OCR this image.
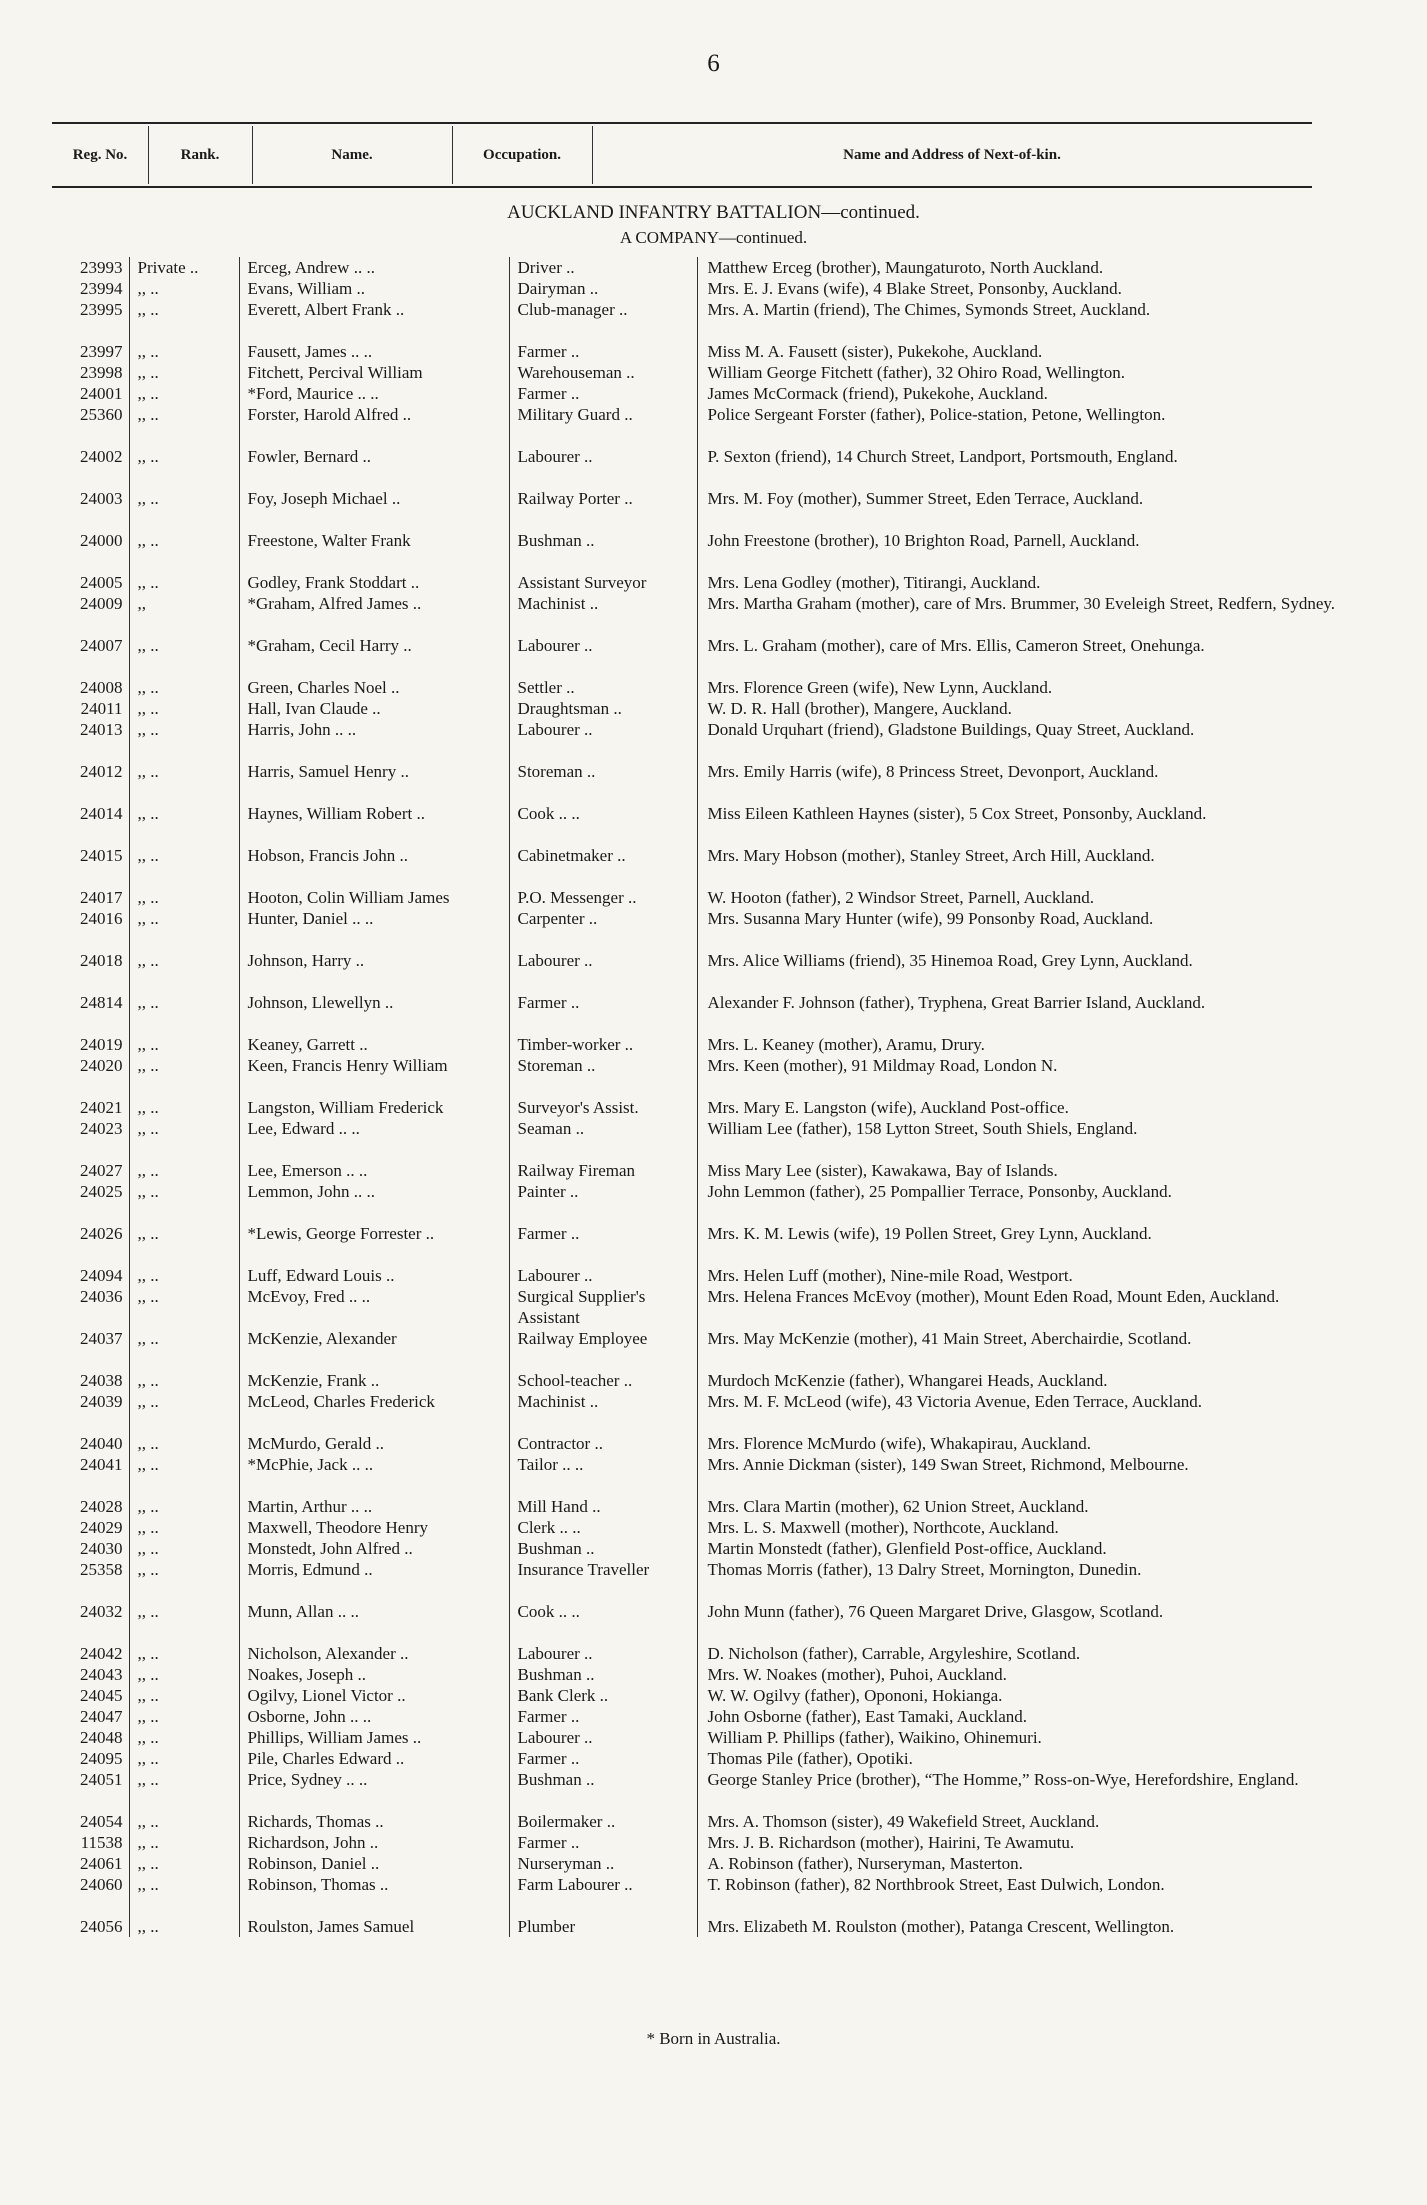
6
Reg. No.	Rank.	Name.	Occupation.	Name and Address of Next-of-kin.
AUCKLAND INFANTRY BATTALION—continued.
A COMPANY—continued.
23993	Private ..	Erceg, Andrew .. ..	Driver ..	Matthew Erceg (brother), Maungaturoto, North Auckland.
23994	,, ..	Evans, William ..	Dairyman ..	Mrs. E. J. Evans (wife), 4 Blake Street, Ponsonby, Auckland.
23995	,, ..	Everett, Albert Frank ..	Club-manager ..	Mrs. A. Martin (friend), The Chimes, Symonds Street, Auckland.
23997	,, ..	Fausett, James .. ..	Farmer ..	Miss M. A. Fausett (sister), Pukekohe, Auckland.
23998	,, ..	Fitchett, Percival William	Warehouseman ..	William George Fitchett (father), 32 Ohiro Road, Wellington.
24001	,, ..	*Ford, Maurice .. ..	Farmer ..	James McCormack (friend), Pukekohe, Auckland.
25360	,, ..	Forster, Harold Alfred ..	Military Guard ..	Police Sergeant Forster (father), Police-station, Petone, Wellington.
24002	,, ..	Fowler, Bernard ..	Labourer ..	P. Sexton (friend), 14 Church Street, Landport, Portsmouth, England.
24003	,, ..	Foy, Joseph Michael ..	Railway Porter ..	Mrs. M. Foy (mother), Summer Street, Eden Terrace, Auckland.
24000	,, ..	Freestone, Walter Frank	Bushman ..	John Freestone (brother), 10 Brighton Road, Parnell, Auckland.
24005	,, ..	Godley, Frank Stoddart ..	Assistant Surveyor	Mrs. Lena Godley (mother), Titirangi, Auckland.
24009	,,	*Graham, Alfred James ..	Machinist ..	Mrs. Martha Graham (mother), care of Mrs. Brummer, 30 Eveleigh Street, Redfern, Sydney.
24007	,, ..	*Graham, Cecil Harry ..	Labourer ..	Mrs. L. Graham (mother), care of Mrs. Ellis, Cameron Street, Onehunga.
24008	,, ..	Green, Charles Noel ..	Settler ..	Mrs. Florence Green (wife), New Lynn, Auckland.
24011	,, ..	Hall, Ivan Claude ..	Draughtsman ..	W. D. R. Hall (brother), Mangere, Auckland.
24013	,, ..	Harris, John .. ..	Labourer ..	Donald Urquhart (friend), Gladstone Buildings, Quay Street, Auckland.
24012	,, ..	Harris, Samuel Henry ..	Storeman ..	Mrs. Emily Harris (wife), 8 Princess Street, Devonport, Auckland.
24014	,, ..	Haynes, William Robert ..	Cook .. ..	Miss Eileen Kathleen Haynes (sister), 5 Cox Street, Ponsonby, Auckland.
24015	,, ..	Hobson, Francis John ..	Cabinetmaker ..	Mrs. Mary Hobson (mother), Stanley Street, Arch Hill, Auckland.
24017	,, ..	Hooton, Colin William James	P.O. Messenger ..	W. Hooton (father), 2 Windsor Street, Parnell, Auckland.
24016	,, ..	Hunter, Daniel .. ..	Carpenter ..	Mrs. Susanna Mary Hunter (wife), 99 Ponsonby Road, Auckland.
24018	,, ..	Johnson, Harry ..	Labourer ..	Mrs. Alice Williams (friend), 35 Hinemoa Road, Grey Lynn, Auckland.
24814	,, ..	Johnson, Llewellyn ..	Farmer ..	Alexander F. Johnson (father), Tryphena, Great Barrier Island, Auckland.
24019	,, ..	Keaney, Garrett ..	Timber-worker ..	Mrs. L. Keaney (mother), Aramu, Drury.
24020	,, ..	Keen, Francis Henry William	Storeman ..	Mrs. Keen (mother), 91 Mildmay Road, London N.
24021	,, ..	Langston, William Frederick	Surveyor's Assist.	Mrs. Mary E. Langston (wife), Auckland Post-office.
24023	,, ..	Lee, Edward .. ..	Seaman ..	William Lee (father), 158 Lytton Street, South Shiels, England.
24027	,, ..	Lee, Emerson .. ..	Railway Fireman	Miss Mary Lee (sister), Kawakawa, Bay of Islands.
24025	,, ..	Lemmon, John .. ..	Painter ..	John Lemmon (father), 25 Pompallier Terrace, Ponsonby, Auckland.
24026	,, ..	*Lewis, George Forrester ..	Farmer ..	Mrs. K. M. Lewis (wife), 19 Pollen Street, Grey Lynn, Auckland.
24094	,, ..	Luff, Edward Louis ..	Labourer ..	Mrs. Helen Luff (mother), Nine-mile Road, Westport.
24036	,, ..	McEvoy, Fred .. ..	Surgical Supplier's Assistant	Mrs. Helena Frances McEvoy (mother), Mount Eden Road, Mount Eden, Auckland.
24037	,, ..	McKenzie, Alexander	Railway Employee	Mrs. May McKenzie (mother), 41 Main Street, Aberchairdie, Scotland.
24038	,, ..	McKenzie, Frank ..	School-teacher ..	Murdoch McKenzie (father), Whangarei Heads, Auckland.
24039	,, ..	McLeod, Charles Frederick	Machinist ..	Mrs. M. F. McLeod (wife), 43 Victoria Avenue, Eden Terrace, Auckland.
24040	,, ..	McMurdo, Gerald ..	Contractor ..	Mrs. Florence McMurdo (wife), Whakapirau, Auckland.
24041	,, ..	*McPhie, Jack .. ..	Tailor .. ..	Mrs. Annie Dickman (sister), 149 Swan Street, Richmond, Melbourne.
24028	,, ..	Martin, Arthur .. ..	Mill Hand ..	Mrs. Clara Martin (mother), 62 Union Street, Auckland.
24029	,, ..	Maxwell, Theodore Henry	Clerk .. ..	Mrs. L. S. Maxwell (mother), Northcote, Auckland.
24030	,, ..	Monstedt, John Alfred ..	Bushman ..	Martin Monstedt (father), Glenfield Post-office, Auckland.
25358	,, ..	Morris, Edmund ..	Insurance Traveller	Thomas Morris (father), 13 Dalry Street, Mornington, Dunedin.
24032	,, ..	Munn, Allan .. ..	Cook .. ..	John Munn (father), 76 Queen Margaret Drive, Glasgow, Scotland.
24042	,, ..	Nicholson, Alexander ..	Labourer ..	D. Nicholson (father), Carrable, Argyleshire, Scotland.
24043	,, ..	Noakes, Joseph ..	Bushman ..	Mrs. W. Noakes (mother), Puhoi, Auckland.
24045	,, ..	Ogilvy, Lionel Victor ..	Bank Clerk ..	W. W. Ogilvy (father), Opononi, Hokianga.
24047	,, ..	Osborne, John .. ..	Farmer ..	John Osborne (father), East Tamaki, Auckland.
24048	,, ..	Phillips, William James ..	Labourer ..	William P. Phillips (father), Waikino, Ohinemuri.
24095	,, ..	Pile, Charles Edward ..	Farmer ..	Thomas Pile (father), Opotiki.
24051	,, ..	Price, Sydney .. ..	Bushman ..	George Stanley Price (brother), “The Homme,” Ross-on-Wye, Herefordshire, England.
24054	,, ..	Richards, Thomas ..	Boilermaker ..	Mrs. A. Thomson (sister), 49 Wakefield Street, Auckland.
11538	,, ..	Richardson, John ..	Farmer ..	Mrs. J. B. Richardson (mother), Hairini, Te Awamutu.
24061	,, ..	Robinson, Daniel ..	Nurseryman ..	A. Robinson (father), Nurseryman, Masterton.
24060	,, ..	Robinson, Thomas ..	Farm Labourer ..	T. Robinson (father), 82 Northbrook Street, East Dulwich, London.
24056	,, ..	Roulston, James Samuel	Plumber	Mrs. Elizabeth M. Roulston (mother), Patanga Crescent, Wellington.
* Born in Australia.
